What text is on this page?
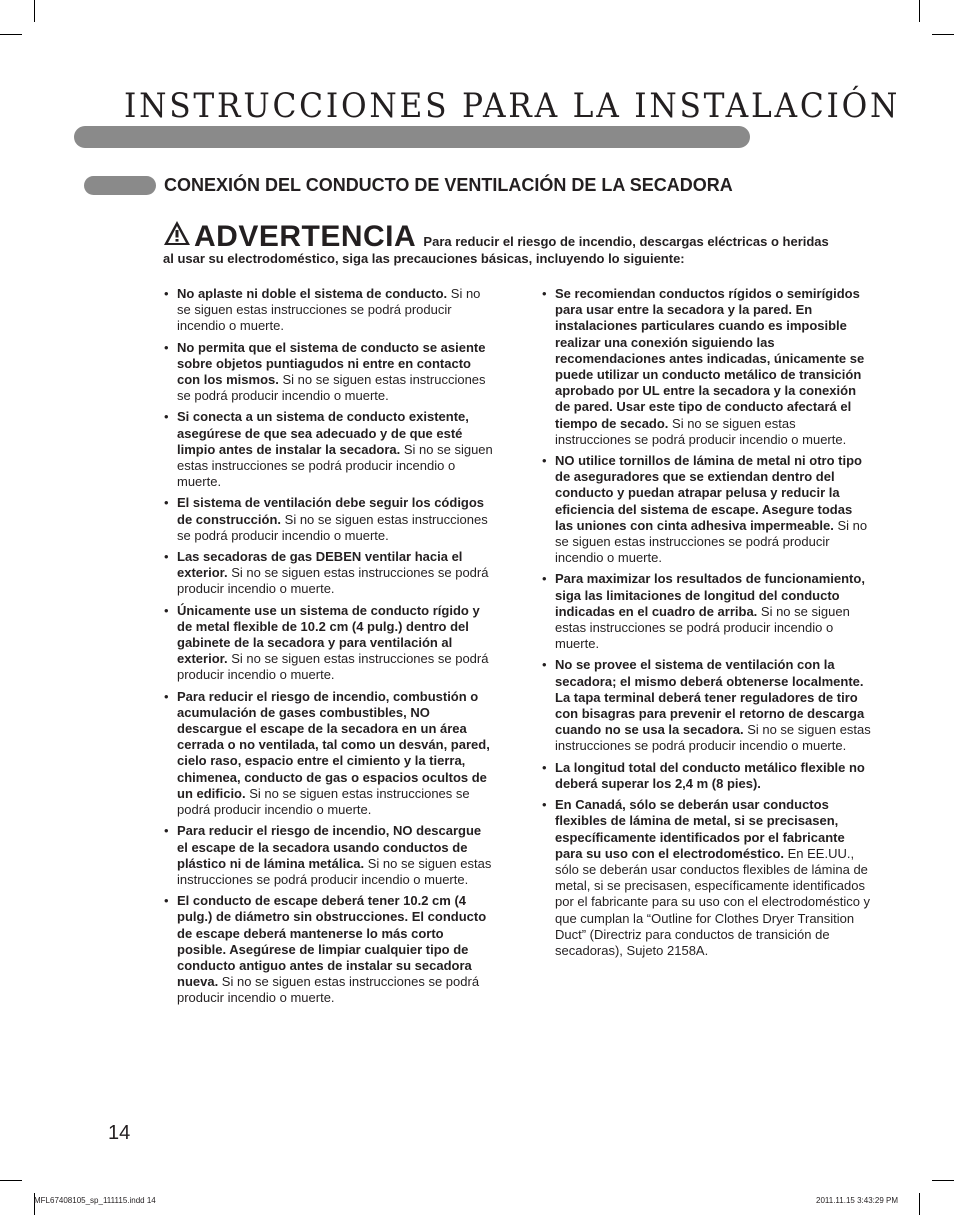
INSTRUCCIONES PARA LA INSTALACIÓN
CONEXIÓN DEL CONDUCTO DE VENTILACIÓN DE LA SECADORA
ADVERTENCIA Para reducir el riesgo de incendio, descargas eléctricas o heridas al usar su electrodoméstico, siga las precauciones básicas, incluyendo lo siguiente:
• No aplaste ni doble el sistema de conducto. Si no se siguen estas instrucciones se podrá producir incendio o muerte.
• No permita que el sistema de conducto se asiente sobre objetos puntiagudos ni entre en contacto con los mismos. Si no se siguen estas instrucciones se podrá producir incendio o muerte.
• Si conecta a un sistema de conducto existente, asegúrese de que sea adecuado y de que esté limpio antes de instalar la secadora. Si no se siguen estas instrucciones se podrá producir incendio o muerte.
• El sistema de ventilación debe seguir los códigos de construcción. Si no se siguen estas instrucciones se podrá producir incendio o muerte.
• Las secadoras de gas DEBEN ventilar hacia el exterior. Si no se siguen estas instrucciones se podrá producir incendio o muerte.
• Únicamente use un sistema de conducto rígido y de metal flexible de 10.2 cm (4 pulg.) dentro del gabinete de la secadora y para ventilación al exterior. Si no se siguen estas instrucciones se podrá producir incendio o muerte.
• Para reducir el riesgo de incendio, combustión o acumulación de gases combustibles, NO descargue el escape de la secadora en un área cerrada o no ventilada, tal como un desván, pared, cielo raso, espacio entre el cimiento y la tierra, chimenea, conducto de gas o espacios ocultos de un edificio. Si no se siguen estas instrucciones se podrá producir incendio o muerte.
• Para reducir el riesgo de incendio, NO descargue el escape de la secadora usando conductos de plástico ni de lámina metálica. Si no se siguen estas instrucciones se podrá producir incendio o muerte.
• El conducto de escape deberá tener 10.2 cm (4 pulg.) de diámetro sin obstrucciones. El conducto de escape deberá mantenerse lo más corto posible. Asegúrese de limpiar cualquier tipo de conducto antiguo antes de instalar su secadora nueva. Si no se siguen estas instrucciones se podrá producir incendio o muerte.
• Se recomiendan conductos rígidos o semirígidos para usar entre la secadora y la pared. En instalaciones particulares cuando es imposible realizar una conexión siguiendo las recomendaciones antes indicadas, únicamente se puede utilizar un conducto metálico de transición aprobado por UL entre la secadora y la conexión de pared. Usar este tipo de conducto afectará el tiempo de secado. Si no se siguen estas instrucciones se podrá producir incendio o muerte.
• NO utilice tornillos de lámina de metal ni otro tipo de aseguradores que se extiendan dentro del conducto y puedan atrapar pelusa y reducir la eficiencia del sistema de escape. Asegure todas las uniones con cinta adhesiva impermeable. Si no se siguen estas instrucciones se podrá producir incendio o muerte.
• Para maximizar los resultados de funcionamiento, siga las limitaciones de longitud del conducto indicadas en el cuadro de arriba. Si no se siguen estas instrucciones se podrá producir incendio o muerte.
• No se provee el sistema de ventilación con la secadora; el mismo deberá obtenerse localmente. La tapa terminal deberá tener reguladores de tiro con bisagras para prevenir el retorno de descarga cuando no se usa la secadora. Si no se siguen estas instrucciones se podrá producir incendio o muerte.
• La longitud total del conducto metálico flexible no deberá superar los 2,4 m (8 pies).
• En Canadá, sólo se deberán usar conductos flexibles de lámina de metal, si se precisasen, específicamente identificados por el fabricante para su uso con el electrodoméstico. En EE.UU., sólo se deberán usar conductos flexibles de lámina de metal, si se precisasen, específicamente identificados por el fabricante para su uso con el electrodoméstico y que cumplan la “Outline for Clothes Dryer Transition Duct” (Directriz para conductos de transición de secadoras), Sujeto 2158A.
14
MFL67408105_sp_111115.indd 14	2011.11.15 3:43:29 PM
